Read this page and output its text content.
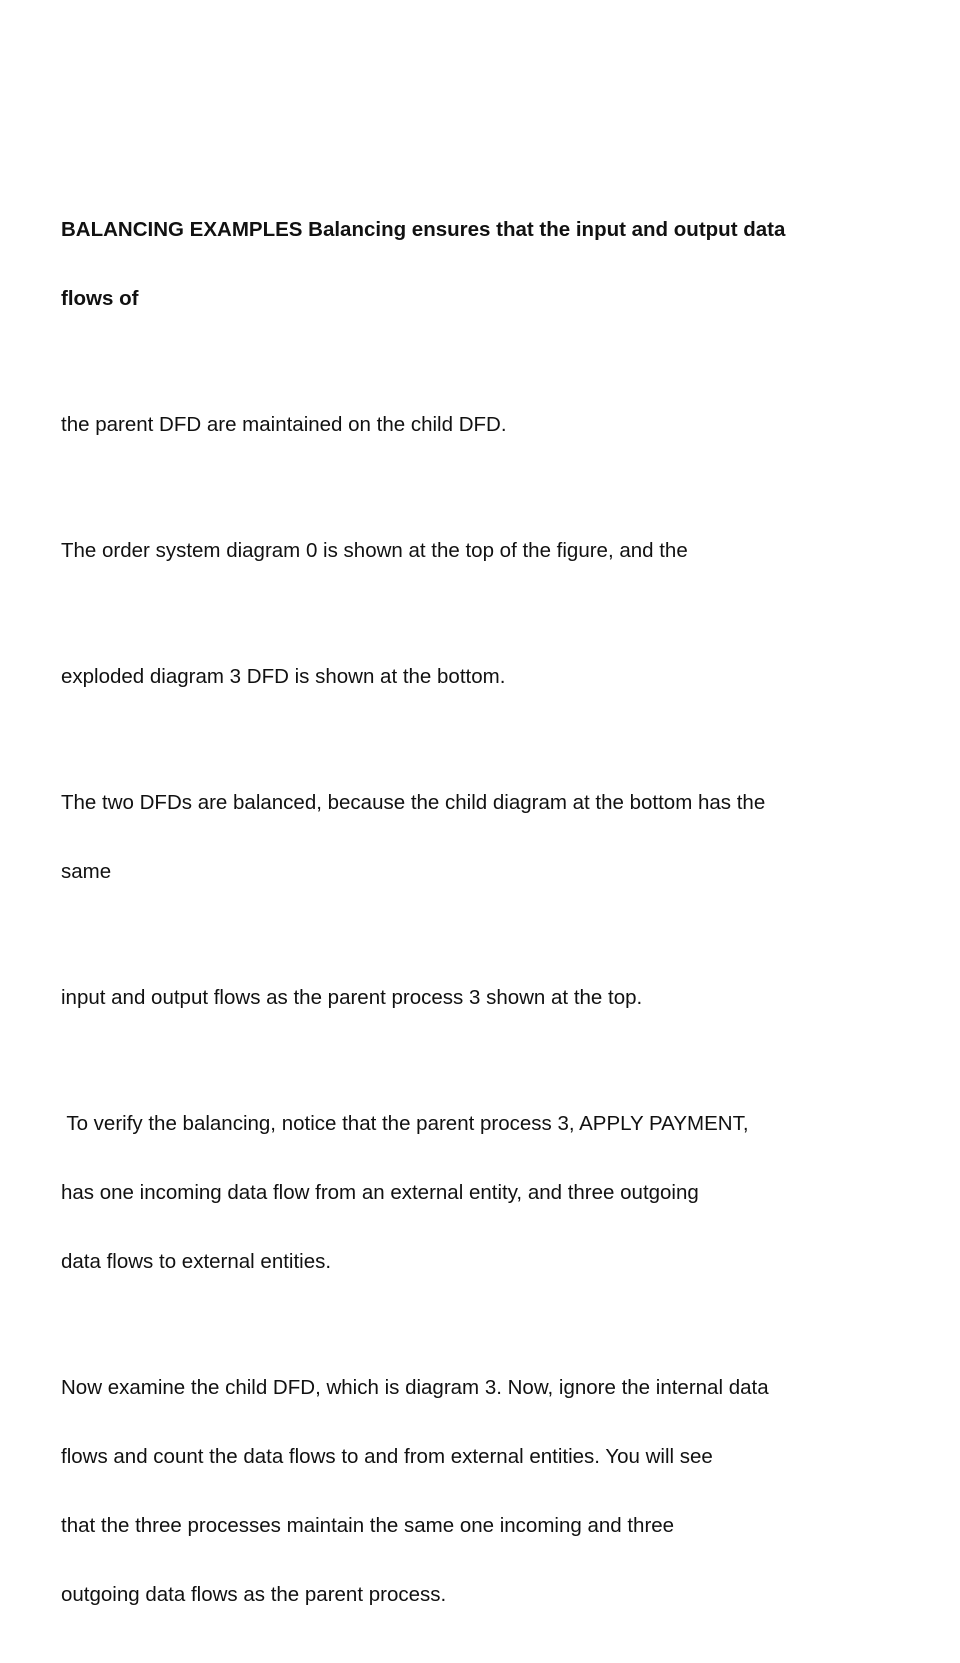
BALANCING EXAMPLES Balancing ensures that the input and output data

flows of

the parent DFD are maintained on the child DFD.

The order system diagram 0 is shown at the top of the figure, and the

exploded diagram 3 DFD is shown at the bottom.

The two DFDs are balanced, because the child diagram at the bottom has the

same

input and output flows as the parent process 3 shown at the top.

To verify the balancing, notice that the parent process 3, APPLY PAYMENT,

has one incoming data flow from an external entity, and three outgoing

data flows to external entities.

Now examine the child DFD, which is diagram 3. Now, ignore the internal data

flows and count the data flows to and from external entities. You will see

that the three processes maintain the same one incoming and three

outgoing data flows as the parent process.
